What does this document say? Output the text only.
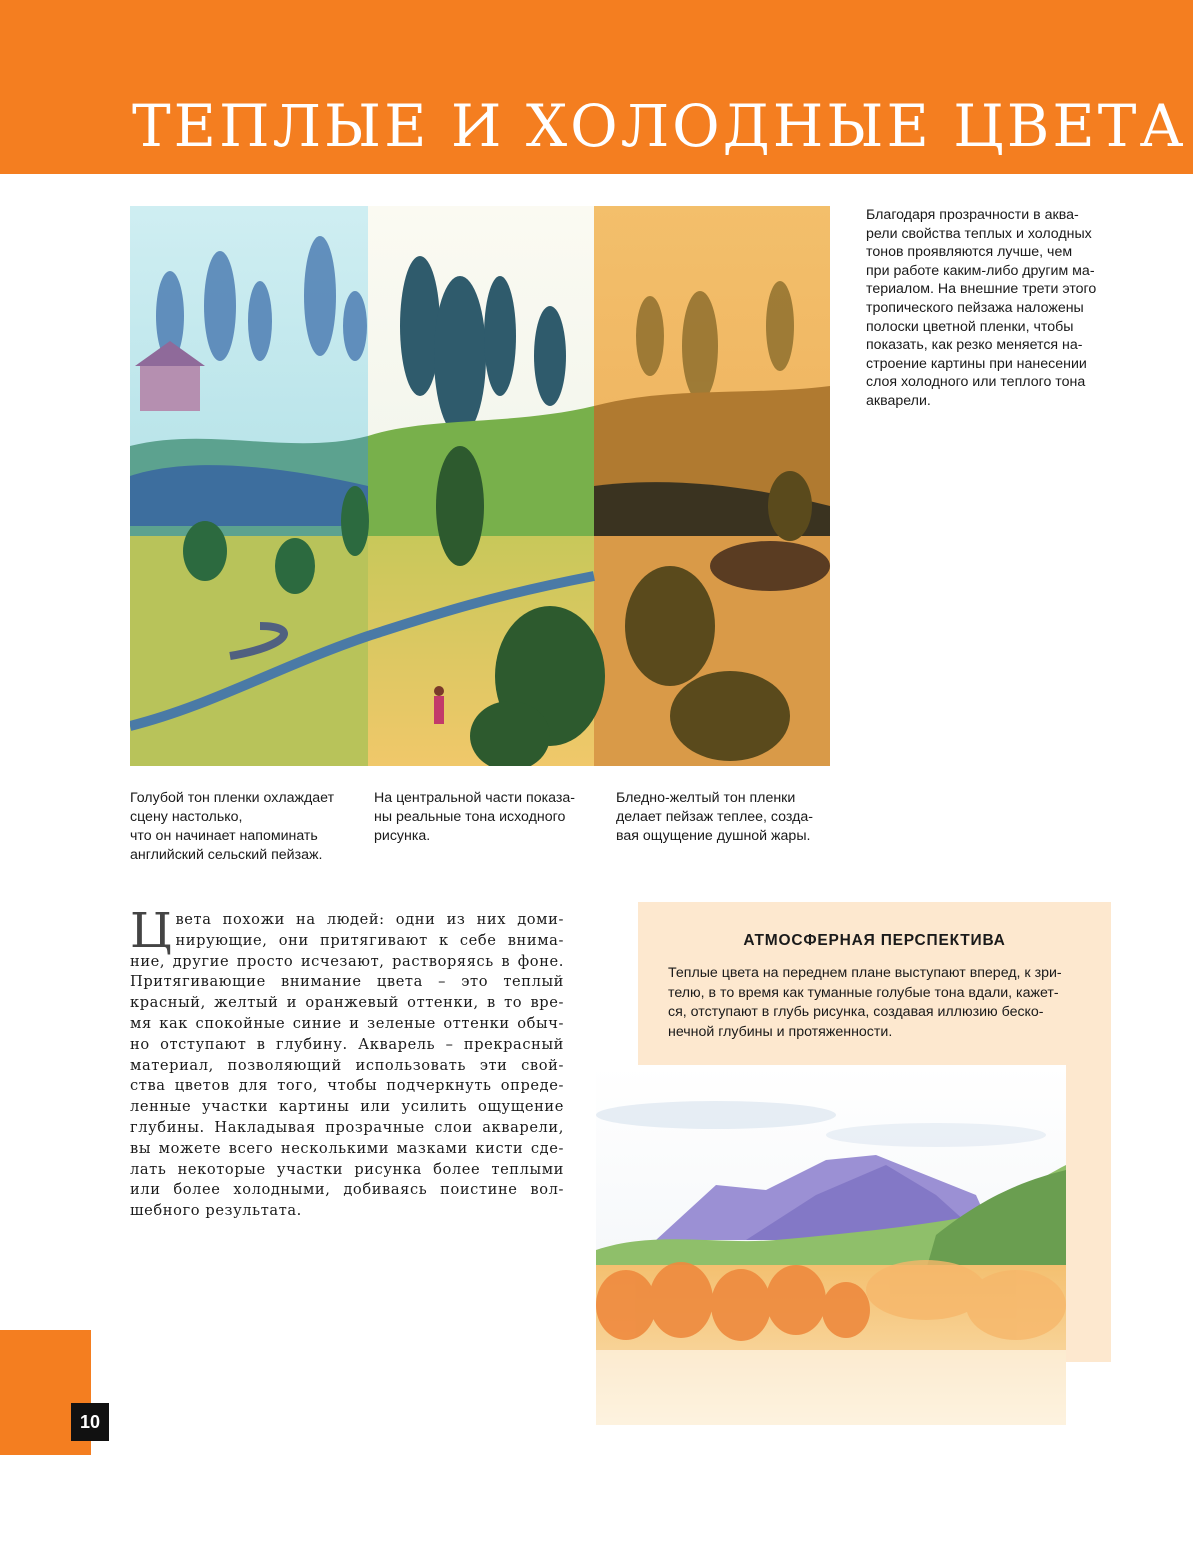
ТЕПЛЫЕ И ХОЛОДНЫЕ ЦВЕТА
Благодаря прозрачности в аква-
рели свойства теплых и холодных
тонов проявляются лучше, чем
при работе каким-либо другим ма-
териалом. На внешние трети этого
тропического пейзажа наложены
полоски цветной пленки, чтобы
показать, как резко меняется на-
строение картины при нанесении
слоя холодного или теплого тона
акварели.
Голубой тон пленки охлаждает
сцену настолько,
что он начинает напоминать
английский сельский пейзаж.
На центральной части показа-
ны реальные тона исходного
рисунка.
Бледно-желтый тон пленки
делает пейзаж теплее, созда-
вая ощущение душной жары.
Ц вета похожи на людей: одни из них доми- нирующие, они притягивают к себе внима- ние, другие просто исчезают, растворяясь в фоне. Притягивающие внимание цвета – это теплый красный, желтый и оранжевый оттенки, в то вре- мя как спокойные синие и зеленые оттенки обыч- но отступают в глубину. Акварель – прекрасный материал, позволяющий использовать эти свой- ства цветов для того, чтобы подчеркнуть опреде- ленные участки картины или усилить ощущение глубины. Накладывая прозрачные слои акварели, вы можете всего несколькими мазками кисти сде- лать некоторые участки рисунка более теплыми или более холодными, добиваясь поистине вол- шебного результата.
АТМОСФЕРНАЯ ПЕРСПЕКТИВА
Теплые цвета на переднем плане выступают вперед, к зри-
телю, в то время как туманные голубые тона вдали, кажет-
ся, отступают в глубь рисунка, создавая иллюзию беско-
нечной глубины и протяженности.
10
